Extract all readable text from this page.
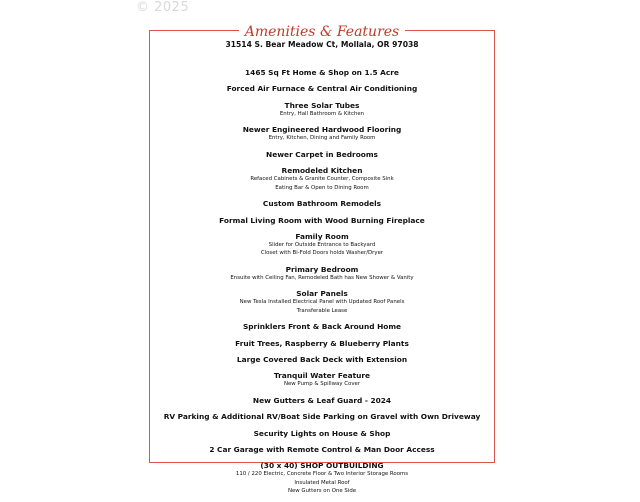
© 2025
Amenities & Features
31514 S. Bear Meadow Ct, Mollala, OR 97038
1465 Sq Ft Home & Shop on 1.5 Acre
Forced Air Furnace & Central Air Conditioning
Three Solar Tubes
Entry, Hall Bathroom & Kitchen
Newer Engineered Hardwood Flooring
Entry, Kitchen, Dining and Family Room
Newer Carpet in Bedrooms
Remodeled Kitchen
Refaced Cabinets & Granite Counter, Composite Sink
Eating Bar & Open to Dining Room
Custom Bathroom Remodels
Formal Living Room with Wood Burning Fireplace
Family Room
Slider for Outside Entrance to Backyard
Closet with Bi-Fold Doors holds Washer/Dryer
Primary Bedroom
Ensuite with Ceiling Fan, Remodeled Bath has New Shower & Vanity
Solar Panels
New Tesla Installed Electrical Panel with Updated Roof Panels
Transferable Lease
Sprinklers Front & Back Around Home
Fruit Trees, Raspberry & Blueberry Plants
Large Covered Back Deck with Extension
Tranquil Water Feature
New Pump & Spillway Cover
New Gutters & Leaf Guard - 2024
RV Parking & Additional RV/Boat Side Parking on Gravel with Own Driveway
Security Lights on House & Shop
2 Car Garage with Remote Control & Man Door Access
(30 x 40) SHOP OUTBUILDING
110 / 220 Electric, Concrete Floor & Two Interior Storage Rooms
Insulated Metal Roof
New Gutters on One Side
